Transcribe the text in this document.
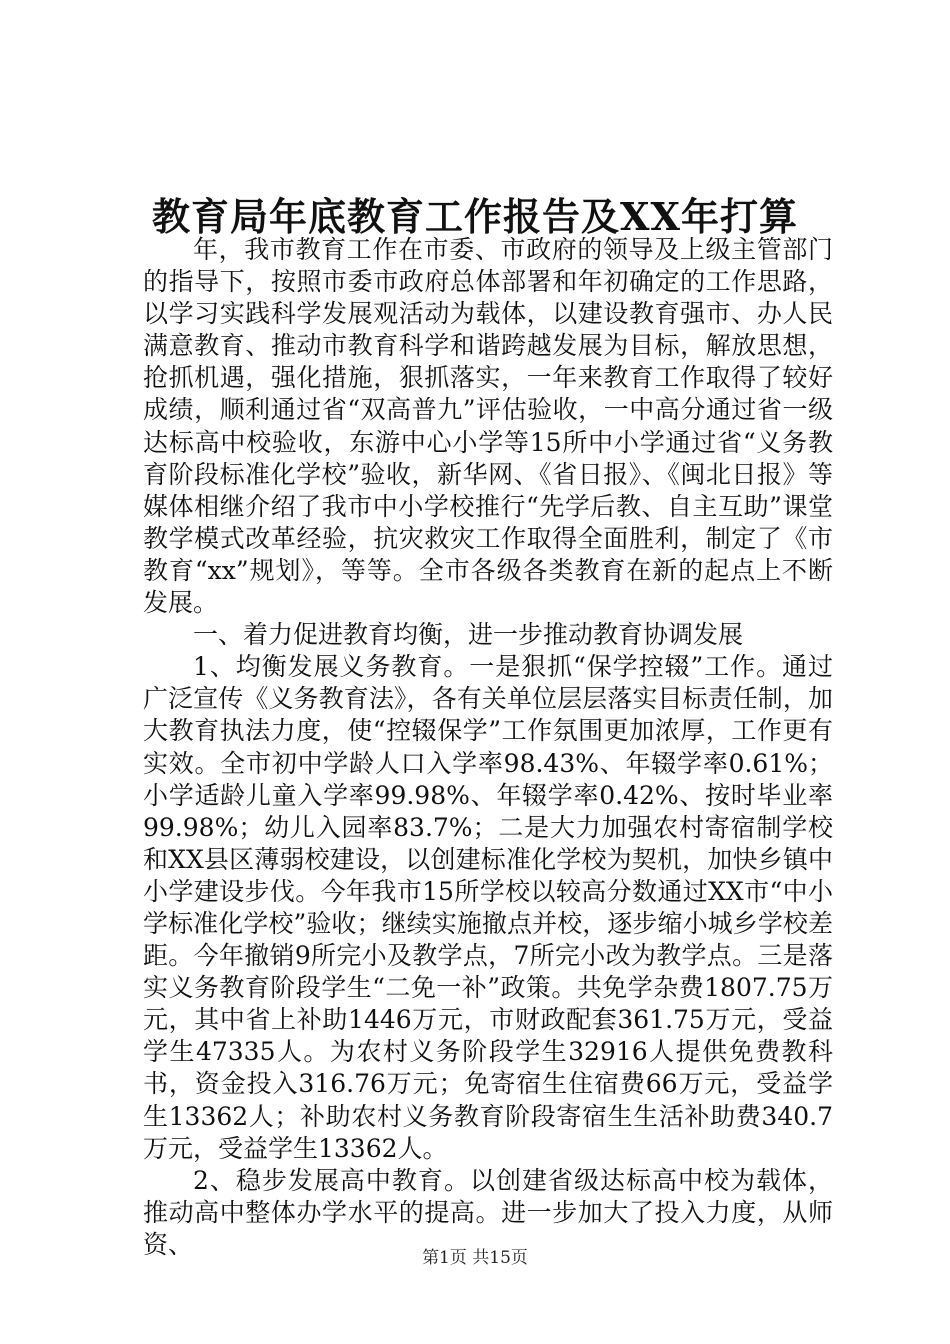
教育局年底教育工作报告及XX年打算

年，我市教育工作在市委、市政府的领导及上级主管部门的指导下，按照市委市政府总体部署和年初确定的工作思路，以学习实践科学发展观活动为载体，以建设教育强市、办人民满意教育、推动市教育科学和谐跨越发展为目标，解放思想，抢抓机遇，强化措施，狠抓落实，一年来教育工作取得了较好成绩，顺利通过省“双高普九”评估验收，一中高分通过省一级达标高中校验收，东游中心小学等15所中小学通过省“义务教育阶段标准化学校”验收，新华网、《省日报》、《闽北日报》等媒体相继介绍了我市中小学校推行“先学后教、自主互助”课堂教学模式改革经验，抗灾救灾工作取得全面胜利，制定了《市教育“xx”规划》，等等。全市各级各类教育在新的起点上不断发展。

一、着力促进教育均衡，进一步推动教育协调发展

1、均衡发展义务教育。一是狠抓“保学控辍”工作。通过广泛宣传《义务教育法》，各有关单位层层落实目标责任制，加大教育执法力度，使“控辍保学”工作氛围更加浓厚，工作更有实效。全市初中学龄人口入学率98.43%、年辍学率0.61%；小学适龄儿童入学率99.98%、年辍学率0.42%、按时毕业率99.98%；幼儿入园率83.7%；二是大力加强农村寄宿制学校和XX县区薄弱校建设，以创建标准化学校为契机，加快乡镇中小学建设步伐。今年我市15所学校以较高分数通过XX市“中小学标准化学校”验收；继续实施撤点并校，逐步缩小城乡学校差距。今年撤销9所完小及教学点，7所完小改为教学点。三是落实义务教育阶段学生“二免一补”政策。共免学杂费1807.75万元，其中省上补助1446万元，市财政配套361.75万元，受益学生47335人。为农村义务阶段学生32916人提供免费教科书，资金投入316.76万元；免寄宿生住宿费66万元，受益学生13362人；补助农村义务教育阶段寄宿生生活补助费340.7万元，受益学生13362人。

2、稳步发展高中教育。以创建省级达标高中校为载体，推动高中整体办学水平的提高。进一步加大了投入力度，从师资、	第1页 共15页
